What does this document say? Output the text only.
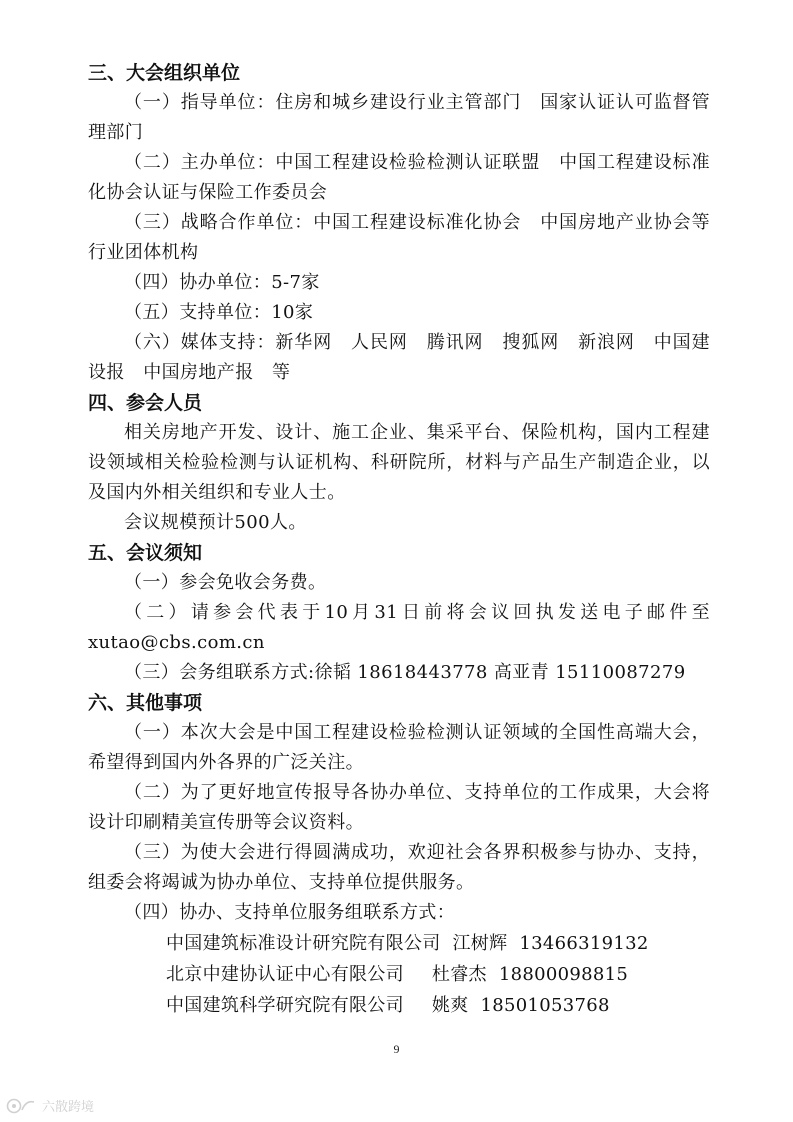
三、大会组织单位

（一）指导单位：住房和城乡建设行业主管部门　国家认证认可监督管理部门

（二）主办单位：中国工程建设检验检测认证联盟　中国工程建设标准化协会认证与保险工作委员会

（三）战略合作单位：中国工程建设标准化协会　中国房地产业协会等行业团体机构

（四）协办单位：5-7家

（五）支持单位：10家

（六）媒体支持：新华网　人民网　腾讯网　搜狐网　新浪网　中国建设报　中国房地产报　等

四、参会人员

相关房地产开发、设计、施工企业、集采平台、保险机构，国内工程建设领域相关检验检测与认证机构、科研院所，材料与产品生产制造企业，以及国内外相关组织和专业人士。

会议规模预计500人。

五、会议须知

（一）参会免收会务费。

（二）请参会代表于10月31日前将会议回执发送电子邮件至xutao@cbs.com.cn

（三）会务组联系方式:徐韬 18618443778 高亚青 15110087279

六、其他事项

（一）本次大会是中国工程建设检验检测认证领域的全国性高端大会，希望得到国内外各界的广泛关注。

（二）为了更好地宣传报导各协办单位、支持单位的工作成果，大会将设计印刷精美宣传册等会议资料。

（三）为使大会进行得圆满成功，欢迎社会各界积极参与协办、支持，组委会将竭诚为协办单位、支持单位提供服务。

（四）协办、支持单位服务组联系方式：

中国建筑标准设计研究院有限公司 江树辉 13466319132

北京中建协认证中心有限公司 杜睿杰 18800098815

中国建筑科学研究院有限公司 姚爽 18501053768

9
六散跨境
